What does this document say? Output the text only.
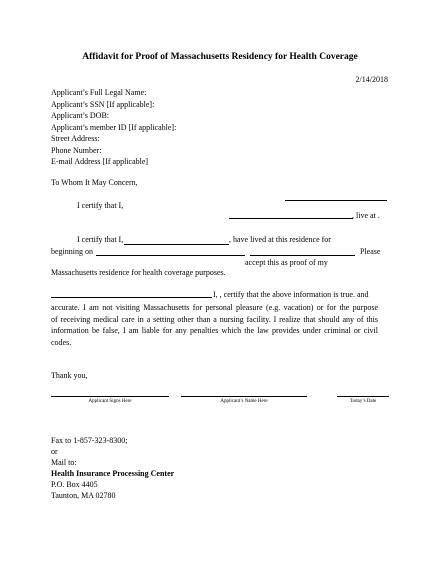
Affidavit for Proof of Massachusetts Residency for Health Coverage
2/14/2018
Applicant’s Full Legal Name:
Applicant’s SSN [If applicable]:
Applicant’s DOB:
Applicant’s member ID [If applicable]:
Street Address:
Phone Number:
E-mail Address [If applicable]
To Whom It May Concern,
I certify that I,
, live at .
I certify that I,	, have lived at this residence for
beginning on	Please
accept this as proof of my
Massachusetts residence for health coverage purposes.
I, , certify that the above information is true. and
accurate. I am not visiting Massachusetts for personal pleasure (e.g. vacation) or for the purpose
of receiving medical care in a setting other than a nursing facility. I realize that should any of this
information be false, I am liable for any penalties which the law provides under criminal or civil
codes.
Thank you,
Applicant Signs Here	Applicant’s Name Here	Today’s Date
Fax to 1-857-323-8300;
or
Mail to:
Health Insurance Processing Center
P.O. Box 4405
Taunton, MA 02780
